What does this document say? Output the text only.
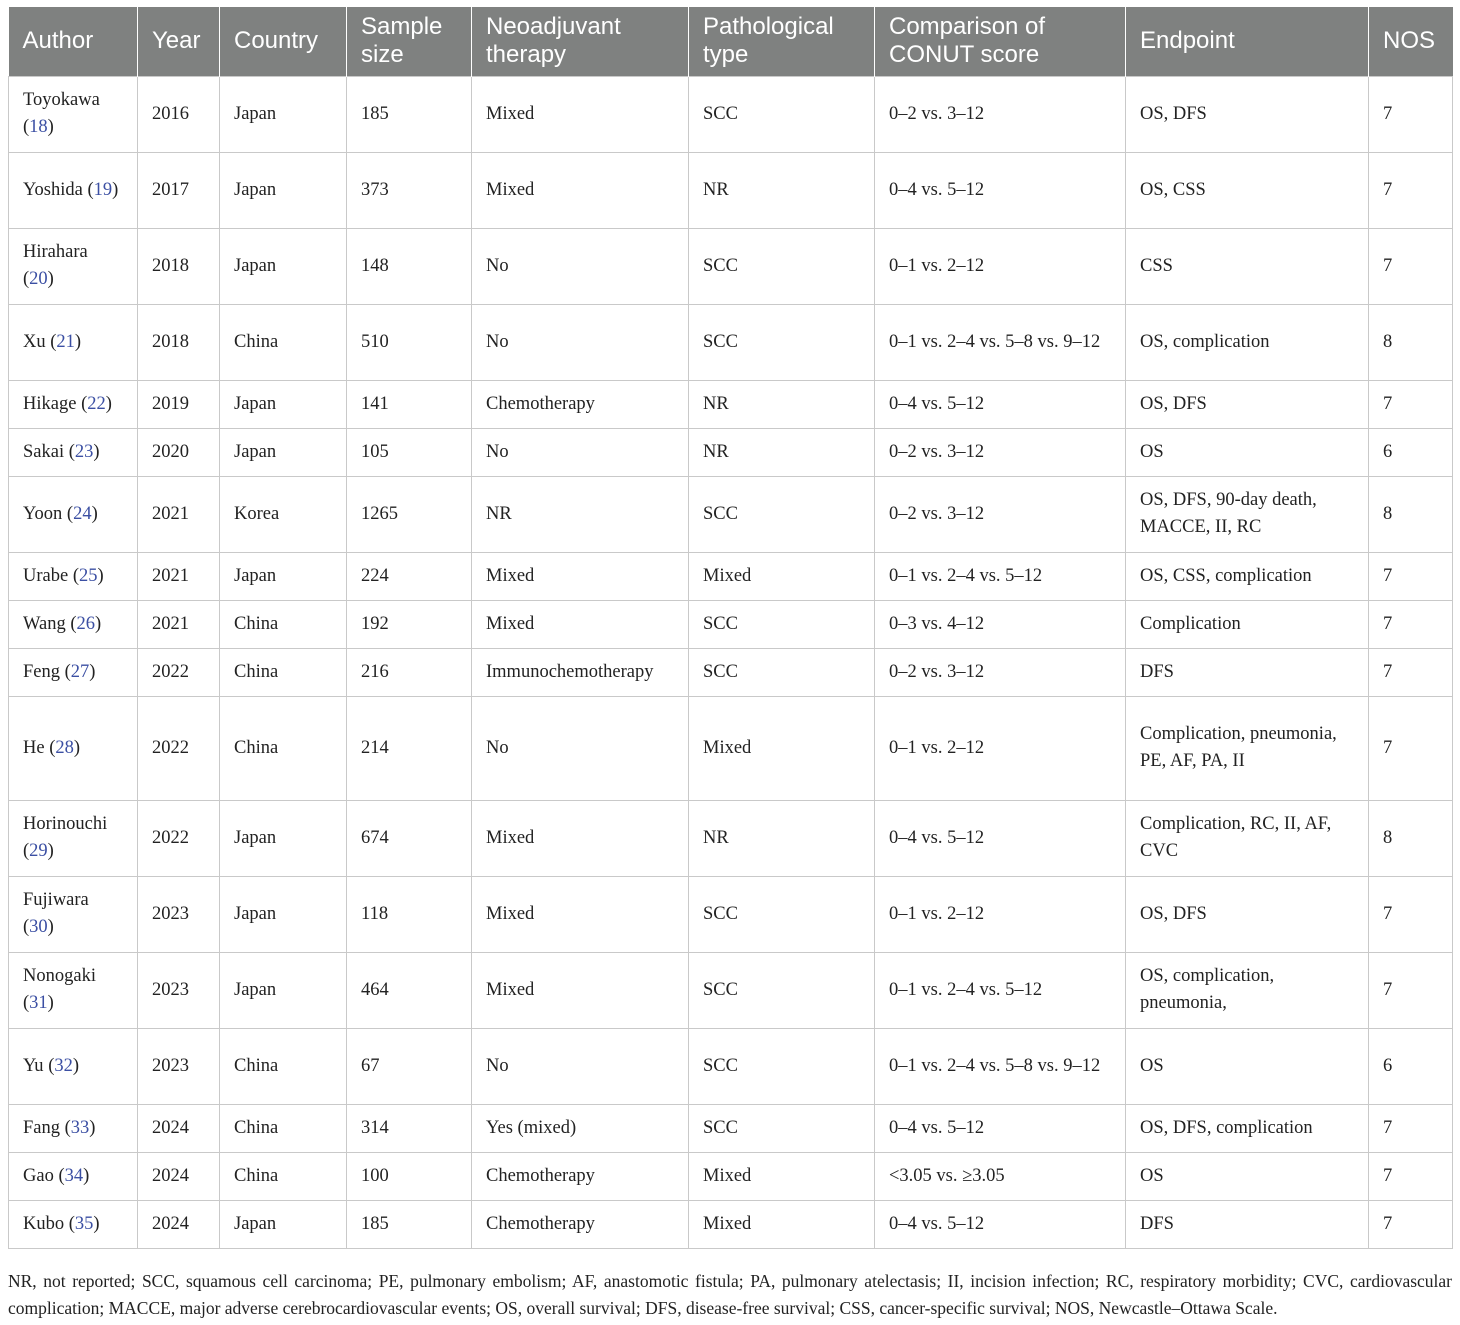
Author	Year	Country	Sample size	Neoadjuvant therapy	Pathological type	Comparison of CONUT score	Endpoint	NOS
Toyokawa (18)	2016	Japan	185	Mixed	SCC	0–2 vs. 3–12	OS, DFS	7
Yoshida (19)	2017	Japan	373	Mixed	NR	0–4 vs. 5–12	OS, CSS	7
Hirahara (20)	2018	Japan	148	No	SCC	0–1 vs. 2–12	CSS	7
Xu (21)	2018	China	510	No	SCC	0–1 vs. 2–4 vs. 5–8 vs. 9–12	OS, complication	8
Hikage (22)	2019	Japan	141	Chemotherapy	NR	0–4 vs. 5–12	OS, DFS	7
Sakai (23)	2020	Japan	105	No	NR	0–2 vs. 3–12	OS	6
Yoon (24)	2021	Korea	1265	NR	SCC	0–2 vs. 3–12	OS, DFS, 90-day death, MACCE, II, RC	8
Urabe (25)	2021	Japan	224	Mixed	Mixed	0–1 vs. 2–4 vs. 5–12	OS, CSS, complication	7
Wang (26)	2021	China	192	Mixed	SCC	0–3 vs. 4–12	Complication	7
Feng (27)	2022	China	216	Immunochemotherapy	SCC	0–2 vs. 3–12	DFS	7
He (28)	2022	China	214	No	Mixed	0–1 vs. 2–12	Complication, pneumonia, PE, AF, PA, II	7
Horinouchi (29)	2022	Japan	674	Mixed	NR	0–4 vs. 5–12	Complication, RC, II, AF, CVC	8
Fujiwara (30)	2023	Japan	118	Mixed	SCC	0–1 vs. 2–12	OS, DFS	7
Nonogaki (31)	2023	Japan	464	Mixed	SCC	0–1 vs. 2–4 vs. 5–12	OS, complication, pneumonia,	7
Yu (32)	2023	China	67	No	SCC	0–1 vs. 2–4 vs. 5–8 vs. 9–12	OS	6
Fang (33)	2024	China	314	Yes (mixed)	SCC	0–4 vs. 5–12	OS, DFS, complication	7
Gao (34)	2024	China	100	Chemotherapy	Mixed	<3.05 vs. ≥3.05	OS	7
Kubo (35)	2024	Japan	185	Chemotherapy	Mixed	0–4 vs. 5–12	DFS	7

NR, not reported; SCC, squamous cell carcinoma; PE, pulmonary embolism; AF, anastomotic fistula; PA, pulmonary atelectasis; II, incision infection; RC, respiratory morbidity; CVC, cardiovascular complication; MACCE, major adverse cerebrocardiovascular events; OS, overall survival; DFS, disease-free survival; CSS, cancer-specific survival; NOS, Newcastle–Ottawa Scale.
